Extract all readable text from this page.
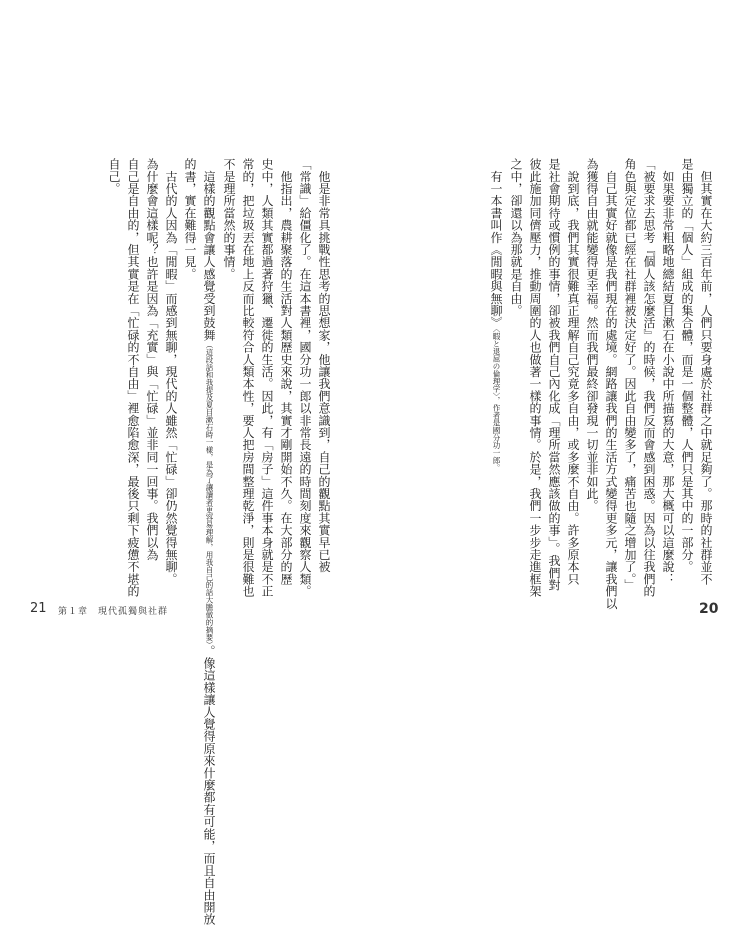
　但其實在大約三百年前，人們只要身處於社群之中就足夠了。那時的社群並不
是由獨立的「個人」組成的集合體，而是一個整體，人們只是其中的一部分。
　如果要非常粗略地總結夏目漱石在小說中所描寫的大意，那大概可以這麼說：
「被要求去思考『個人該怎麼活』的時候，我們反而會感到困惑。因為以往我們的
角色與定位都已經在社群裡被決定好了。因此自由變多了，痛苦也隨之增加了。」
　自己其實好就像是我們現在的處境。網路讓我們的生活方式變得更多元，讓我們以
為獲得自由就能變得更幸福。然而我們最終卻發現一切並非如此。
　說到底，我們其實很難真正理解自己究竟多自由，或多麼不自由。許多原本只
是社會期待或慣例的事情，卻被我們自己內化成「理所當然應該做的事」。我們對
彼此施加同儕壓力，推動周圍的人也做著一樣的事情。於是，我們一步步走進框架
之中，卻還以為那就是自由。
　有一本書叫作《閒暇與無聊》〈暇と退屈の倫理学〉，作者是國分功一郎。
20
　他是非常具挑戰性思考的思想家，他讓我們意識到，自己的觀點其實早已被
「常識」給僵化了。在這本書裡，國分功一郎以非常長遠的時間刻度來觀察人類。
　他指出，農耕聚落的生活對人類歷史來說，其實才剛開始不久。在大部分的歷
史中，人類其實都過著狩獵、遷徙的生活。因此，有「房子」這件事本身就是不正
常的，把垃圾丟在地上反而比較符合人類本性，要人把房間整理乾淨，則是很難也
不是理所當然的事情。
　這樣的觀點會讓人感覺受到鼓舞（這段話和我提及夏目漱石時一樣，是為了讓讀者更容易理解，用我自己的話大膽做的摘要）。像這樣讓人覺得原來什麼都有可能，而且自由開放
的書，實在難得一見。
　古代的人因為「閒暇」而感到無聊，現代的人雖然「忙碌」卻仍然覺得無聊。
為什麼會這樣呢？也許是因為「充實」與「忙碌」並非同一回事。我們以為
自己是自由的，但其實是在「忙碌的不自由」裡愈陷愈深，最後只剩下疲憊不堪的
自己。
21 第１章　現代孤獨與社群
